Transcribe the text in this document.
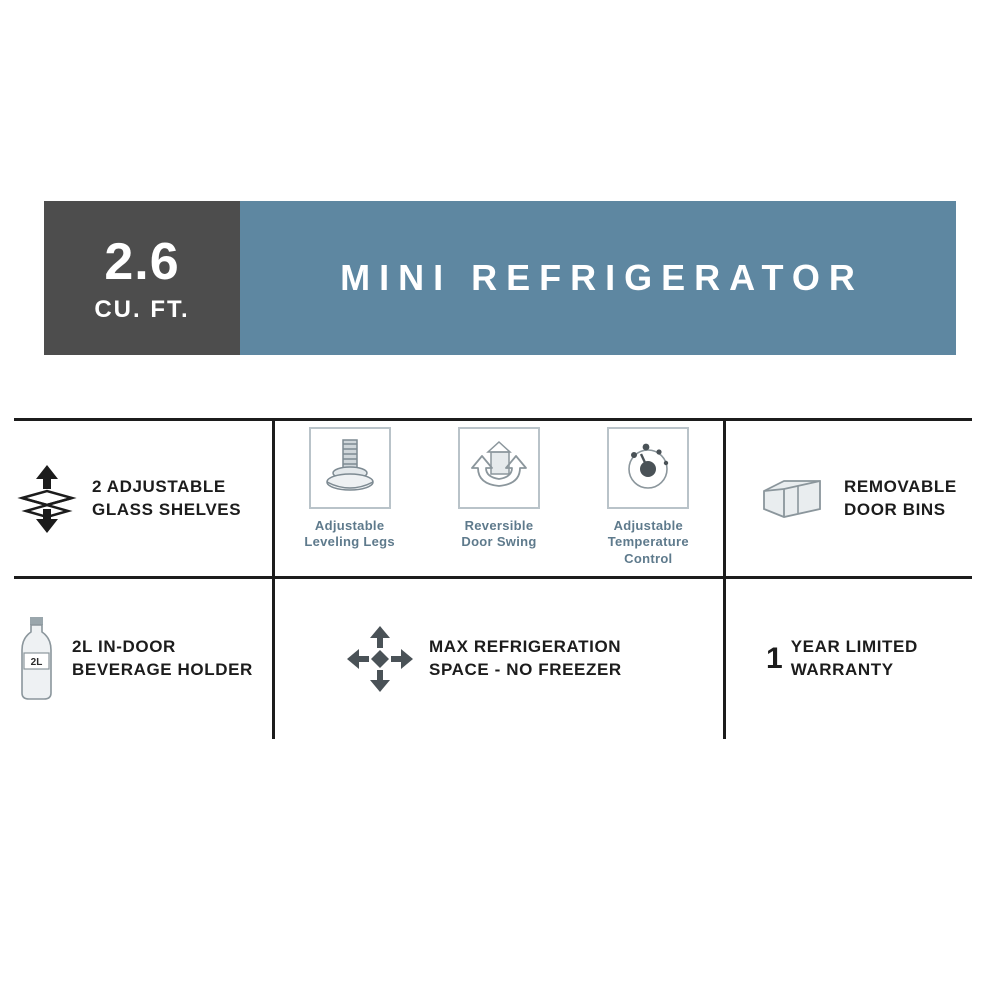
2.6
CU. FT.
MINI REFRIGERATOR
2 ADJUSTABLE
GLASS SHELVES
Adjustable
Leveling Legs
Reversible
Door Swing
Adjustable
Temperature
Control
REMOVABLE
DOOR BINS
2L
2L IN-DOOR
BEVERAGE HOLDER
MAX REFRIGERATION
SPACE - NO FREEZER	1 YEAR LIMITED
WARRANTY
